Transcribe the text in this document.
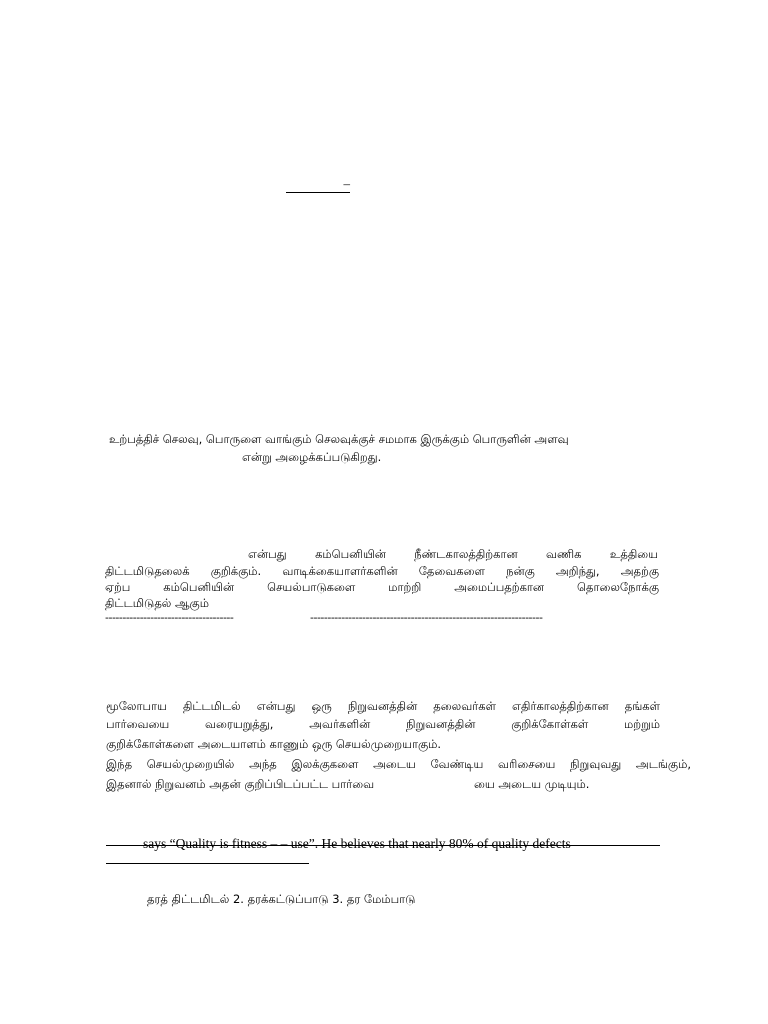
–
உற்பத்திச் செலவு, பொருளை வாங்கும் செலவுக்குச் சமமாக இருக்கும் பொருளின் அளவு
என்று அழைக்கப்படுகிறது.
என்பது கம்பெனியின் நீண்டகாலத்திற்கான வணிக உத்தியை
திட்டமிடுதலைக் குறிக்கும். வாடிக்கையாளர்களின் தேவைகளை நன்கு அறிந்து, அதற்கு
ஏற்ப கம்பெனியின் செயல்பாடுகளை மாற்றி அமைப்பதற்கான தொலைநோக்கு
திட்டமிடுதல் ஆகும்
-------------------------------------	-------------------------------------------------------------------
மூலோபாய திட்டமிடல் என்பது ஒரு நிறுவனத்தின் தலைவர்கள் எதிர்காலத்திற்கான தங்கள்
பார்வையை வரையறுத்து, அவர்களின் நிறுவனத்தின் குறிக்கோள்கள் மற்றும்
குறிக்கோள்களை அடையாளம் காணும் ஒரு செயல்முறையாகும்.
இந்த செயல்முறையில் அந்த இலக்குகளை அடைய வேண்டிய வரிசையை நிறுவுவது அடங்கும்,
இதனால் நிறுவனம் அதன் குறிப்பிடப்பட்ட பார்வை	யை அடைய முடியும்.
says “Quality is fitness – – use”. He believes that nearly 80% of quality defects
தரத் திட்டமிடல் 2. தரக்கட்டுப்பாடு 3. தர மேம்பாடு
